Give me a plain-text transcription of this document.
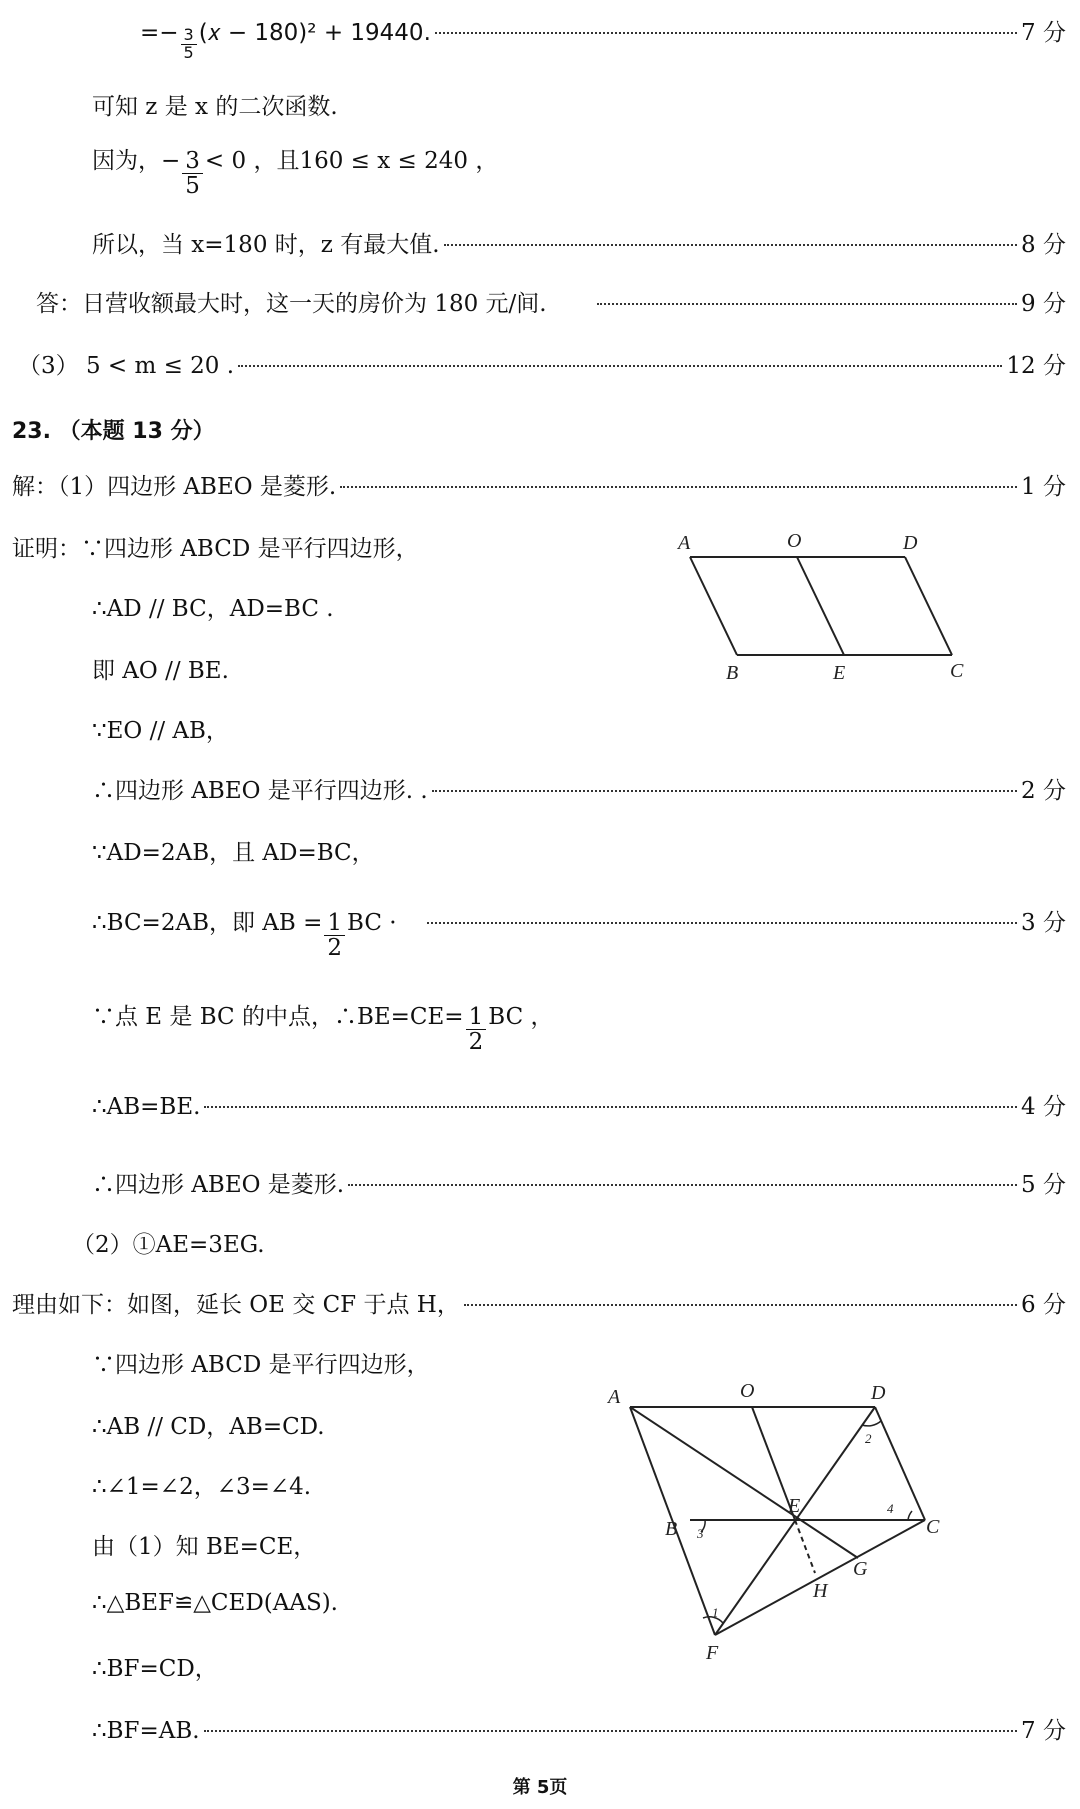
=− $\frac{3}{5}$ (𝑥 − 180)² + 19440.	7 分
可知 z 是 x 的二次函数.
因为， − $\frac{3}{5} < 0$ ，且160 ≤ x ≤ 240 ，
所以，当 x=180 时，z 有最大值.	8 分
答：日营收额最大时，这一天的房价为 180 元/间.	9 分
（3） 5 < m ≤ 20 .	12 分
23. （本题 13 分）
解：（1）四边形 ABEO 是菱形.	1 分
证明：∵四边形 ABCD 是平行四边形，
∴AD // BC，AD=BC .
即 AO // BE.
∵EO // AB，
∴四边形 ABEO 是平行四边形. .	2 分
∵AD=2AB，且 AD=BC，
∴BC=2AB，即 AB = $\frac{1}{2}$ BC ·	3 分
∵点 E 是 BC 的中点，∴BE=CE= $\frac{1}{2}$ BC ，
∴AB=BE.	4 分
∴四边形 ABEO 是菱形.	5 分
（2）①AE=3EG.
理由如下：如图，延长 OE 交 CF 于点 H，	6 分
∵四边形 ABCD 是平行四边形，
∴AB // CD，AB=CD.
∴∠1=∠2，∠3=∠4.
由（1）知 BE=CE，
∴△BEF≌△CED(AAS).
∴BF=CD，
∴BF=AB.	7 分
A	O	D
B	E	C
A	O	D
E
B	C
G
H
F
1
2
3
4
第 5页
